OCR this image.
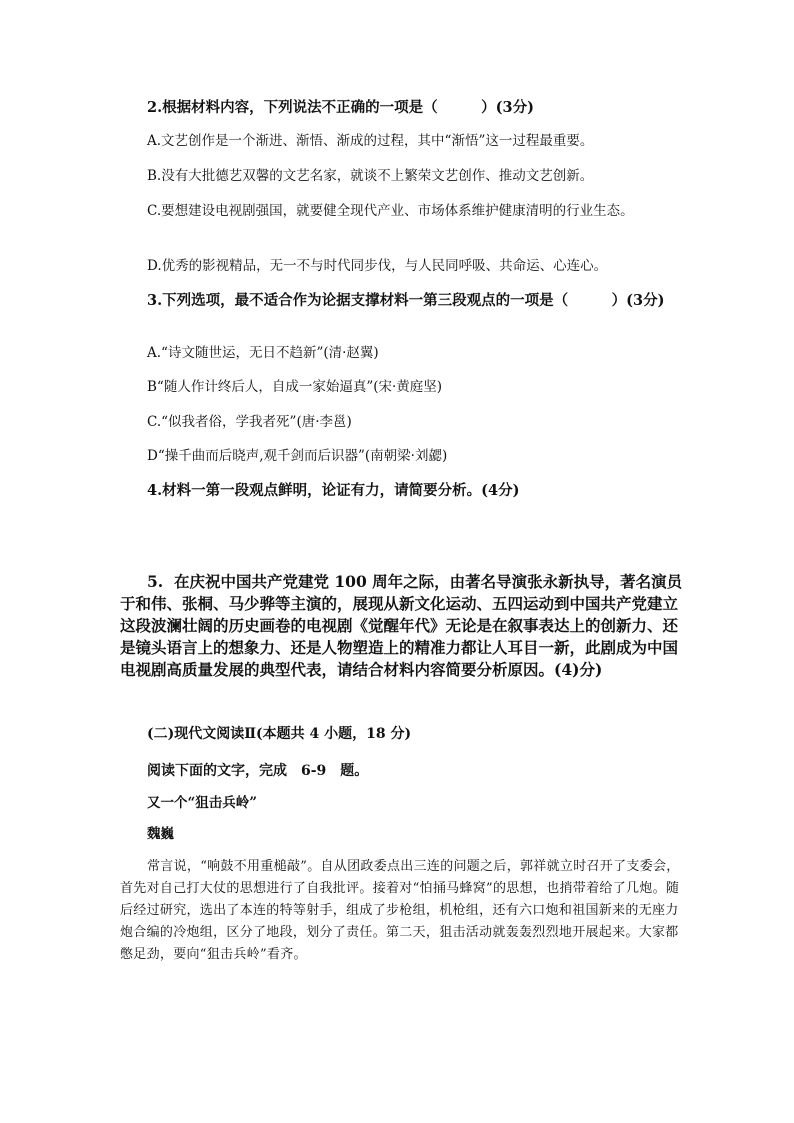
2.根据材料内容，下列说法不正确的一项是（　　　）(3分)
A.文艺创作是一个渐进、渐悟、渐成的过程，其中“渐悟”这一过程最重要。
B.没有大批德艺双馨的文艺名家，就谈不上繁荣文艺创作、推动文艺创新。
C.要想建设电视剧强国，就要健全现代产业、市场体系维护健康清明的行业生态。
D.优秀的影视精品，无一不与时代同步伐，与人民同呼吸、共命运、心连心。
3.下列选项，最不适合作为论据支撑材料一第三段观点的一项是（　　　）(3分)
A.“诗文随世运，无日不趋新”(清·赵翼)
B“随人作计终后人，自成一家始逼真”(宋·黄庭坚)
C.“似我者俗，学我者死”(唐·李邕)
D“操千曲而后晓声,观千剑而后识器”(南朝梁·刘勰)
4.材料一第一段观点鲜明，论证有力，请简要分析。(4分)
5.  在庆祝中国共产党建党 100 周年之际，由著名导演张永新执导，著名演员于和伟、张桐、马少骅等主演的，展现从新文化运动、五四运动到中国共产党建立这段波澜壮阔的历史画卷的电视剧《觉醒年代》无论是在叙事表达上的创新力、还是镜头语言上的想象力、还是人物塑造上的精准力都让人耳目一新，此剧成为中国电视剧高质量发展的典型代表，请结合材料内容简要分析原因。(4)分)
(二)现代文阅读Ⅱ(本题共 4 小题，18 分)
阅读下面的文字，完成　6-9　题。
又一个“狙击兵岭”
魏巍
常言说，“响鼓不用重槌敲”。自从团政委点出三连的问题之后，郭祥就立时召开了支委会，首先对自己打大仗的思想进行了自我批评。接着对“怕捅马蜂窝”的思想，也捎带着给了几炮。随后经过研究，选出了本连的特等射手，组成了步枪组，机枪组，还有六口炮和祖国新来的无座力炮合编的冷炮组，区分了地段，划分了责任。第二天，狙击活动就轰轰烈烈地开展起来。大家都憋足劲，要向“狙击兵岭”看齐。
